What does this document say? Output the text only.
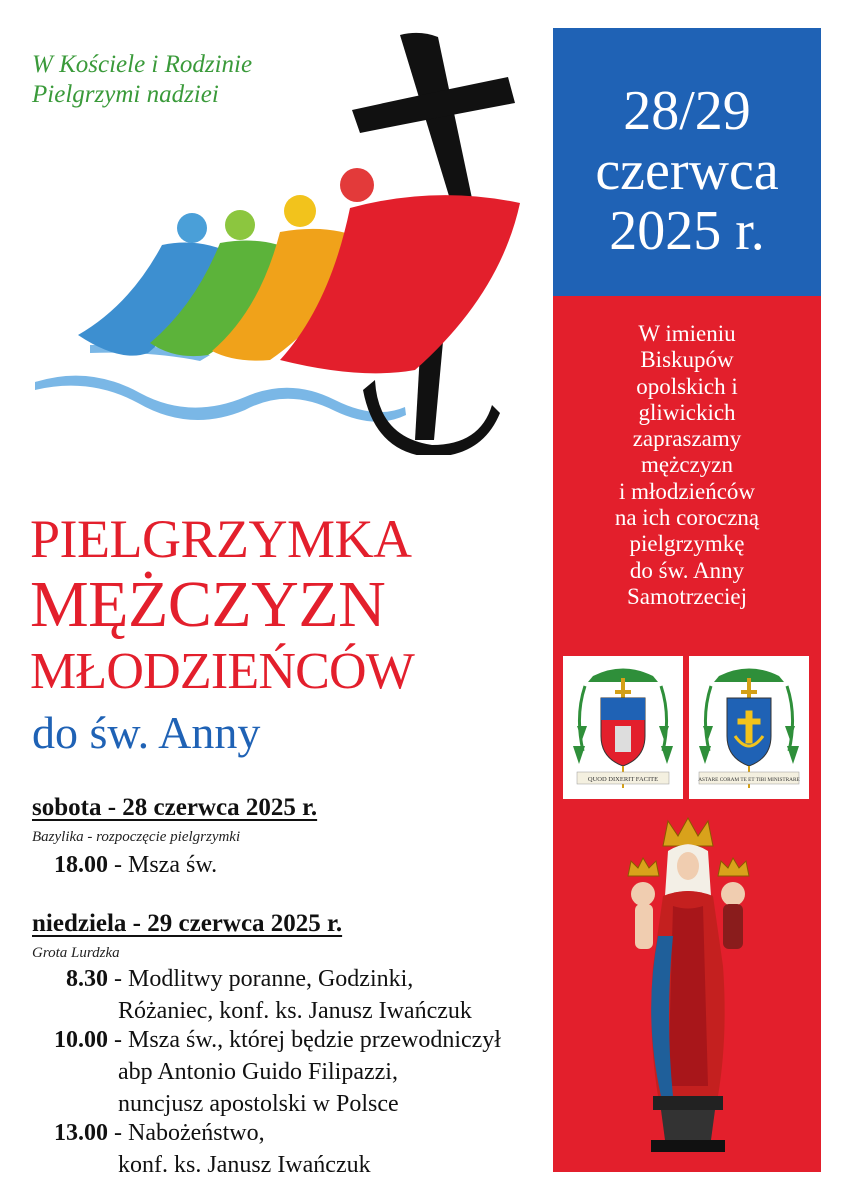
W Kościele i Rodzinie
Pielgrzymi nadziei	28/29
czerwca
2025 r.
W imieniu
Biskupów
opolskich i
gliwickich
zapraszamy
mężczyzn
i młodzieńców
na ich coroczną
pielgrzymkę
do św. Anny
Samotrzeciej
QUOD DIXERIT FACITE	ASTARE CORAM TE ET TIBI MINISTRARE
PIELGRZYMKA
MĘŻCZYZN
MŁODZIEŃCÓW
do św. Anny
sobota - 28 czerwca 2025 r.
Bazylika - rozpoczęcie pielgrzymki
18.00 - Msza św.
niedziela - 29 czerwca 2025 r.
Grota Lurdzka
8.30 - Modlitwy poranne, Godzinki,
Różaniec, konf. ks. Janusz Iwańczuk
10.00 - Msza św., której będzie przewodniczył
abp Antonio Guido Filipazzi,
nuncjusz apostolski w Polsce
13.00 - Nabożeństwo,
konf. ks. Janusz Iwańczuk
